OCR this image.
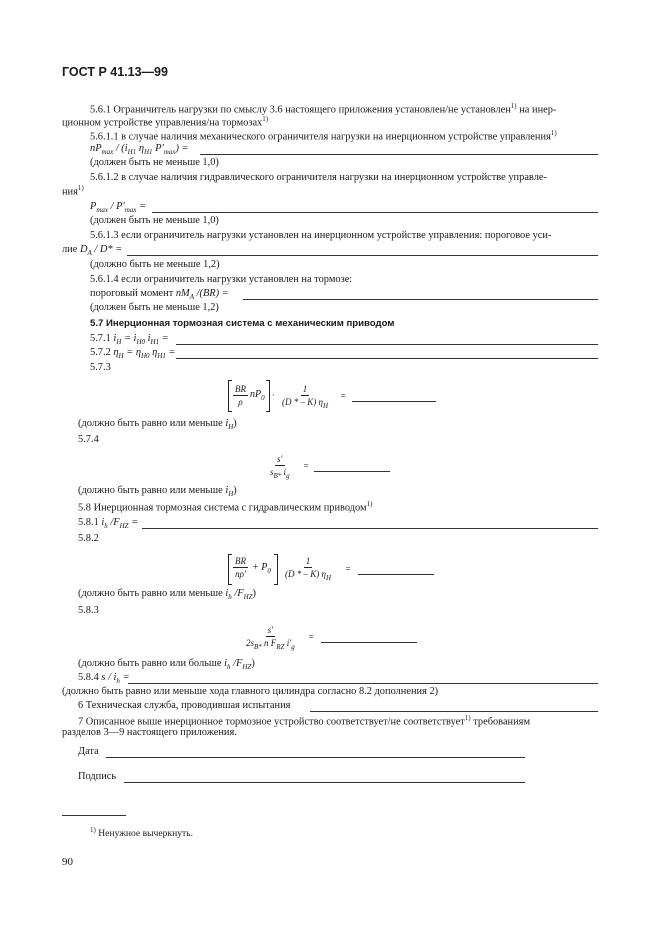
ГОСТ Р 41.13—99
5.6.1 Ограничитель нагрузки по смыслу 3.6 настоящего приложения установлен/не установлен$^{1)}$ на инер-
ционном устройстве управления/на тормозах$^{1)}$
5.6.1.1 в случае наличия механического ограничителя нагрузки на инерционном устройстве управления$^{1)}$
$nP_{max} / (i_{H1}$ $\eta_{H1}$ $P'_{max}$) =
(должен быть не меньше 1,0)
5.6.1.2 в случае наличия гидравлического ограничителя нагрузки на инерционном устройстве управле-
ния$^{1)}$
$P_{max} / P'_{max}$ =
(должен быть не меньше 1,0)
5.6.1.3 если ограничитель нагрузки установлен на инерционном устройстве управления: пороговое уси-
лие $D_A / D*$ =
(должно быть не меньше 1,2)
5.6.1.4 если ограничитель нагрузки установлен на тормозе:
пороговый момент $nM_A$ /(BR) =
(должен быть не меньше 1,2)
5.7 Инерционная тормозная система с механическим приводом
5.7.1 $i_H = i_{H0}$ $i_{H1}$ =
5.7.2 $\eta_H = \eta_{H0}$ $\eta_{H1}$ =
5.7.3
$\frac{BR}{\rho} nP_0 \cdot \frac{1}{(D * - K) \eta_H}$ =
(должно быть равно или меньше $i_H$)
5.7.4
$\frac{s'}{s_{B*} i_g}$ =
(должно быть равно или меньше $i_H$)
5.8 Инерционная тормозная система с гидравлическим приводом$^{1)}$
5.8.1 $i_h$ $/F_{HZ}$ =
5.8.2
$\frac{BR}{n\rho'} + P_0 \frac{1}{(D * - K) \eta_H}$ =
(должно быть равно или меньше $i_h$ $/F_{HZ}$)
5.8.3
$\frac{s'}{2s_{B*} n F_{RZ} i'_g}$ =
(должно быть равно или больше $i_h$ $/F_{HZ}$)
5.8.4 s / $i_h$ =
(должно быть равно или меньше хода главного цилиндра согласно 8.2 дополнения 2)
6 Техническая служба, проводившая испытания
7 Описанное выше инерционное тормозное устройство соответствует/не соответствует$^{1)}$ требованиям
разделов 3—9 настоящего приложения.
Дата
Подпись
$^{1)}$ Ненужное вычеркнуть.
90
